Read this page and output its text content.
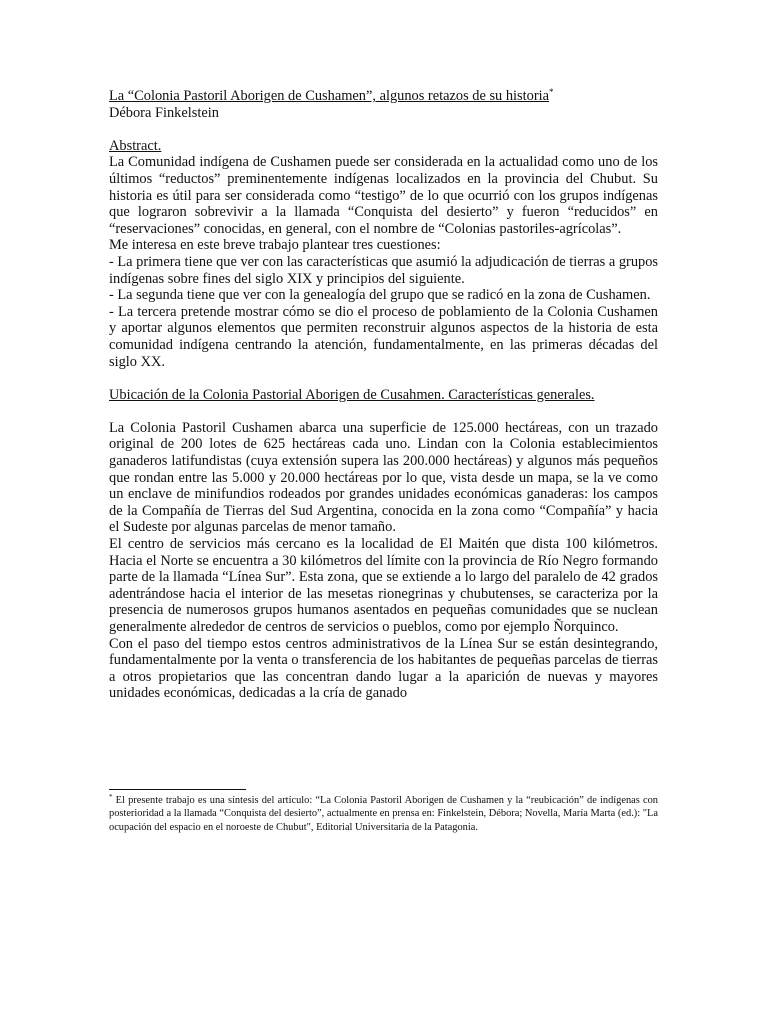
La “Colonia Pastoril Aborigen de Cushamen”, algunos retazos de su historia*

Débora Finkelstein

Abstract.

La Comunidad indígena de Cushamen puede ser considerada en la actualidad como uno de los últimos “reductos” preminentemente indígenas localizados en la provincia del Chubut. Su historia es útil para ser considerada como “testigo” de lo que ocurrió con los grupos indígenas que lograron sobrevivir a la llamada “Conquista del desierto” y fueron “reducidos” en “reservaciones” conocidas, en general, con el nombre de “Colonias pastoriles-agrícolas”.

Me interesa en este breve trabajo plantear tres cuestiones:

- La primera tiene que ver con las características que asumió la adjudicación de tierras a grupos indígenas sobre fines del siglo XIX y principios del siguiente.

- La segunda tiene que ver con la genealogía del grupo que se radicó en la zona de Cushamen.

- La tercera pretende mostrar cómo se dio el proceso de poblamiento de la Colonia Cushamen y aportar algunos elementos que permiten reconstruir algunos aspectos de la historia de esta comunidad indígena centrando la atención, fundamentalmente, en las primeras décadas del siglo XX.

Ubicación de la Colonia Pastorial Aborigen de Cusahmen. Características generales.

La Colonia Pastoril Cushamen abarca una superficie de 125.000 hectáreas, con un trazado original de 200 lotes de 625 hectáreas cada uno. Lindan con la Colonia establecimientos ganaderos latifundistas (cuya extensión supera las 200.000 hectáreas) y algunos más pequeños que rondan entre las 5.000 y 20.000 hectáreas por lo que, vista desde un mapa, se la ve como un enclave de minifundios rodeados por grandes unidades económicas ganaderas: los campos de la Compañía de Tierras del Sud Argentina, conocida en la zona como “Compañía” y hacia el Sudeste por algunas parcelas de menor tamaño.

El centro de servicios más cercano es la localidad de El Maitén que dista 100 kilómetros. Hacia el Norte se encuentra a 30 kilómetros del límite con la provincia de Río Negro formando parte de la llamada “Línea Sur”. Esta zona, que se extiende a lo largo del paralelo de 42 grados adentrándose hacia el interior de las mesetas rionegrinas y chubutenses, se caracteriza por la presencia de numerosos grupos humanos asentados en pequeñas comunidades que se nuclean generalmente alrededor de centros de servicios o pueblos, como por ejemplo Ñorquinco.

Con el paso del tiempo estos centros administrativos de la Línea Sur se están desintegrando, fundamentalmente por la venta o transferencia de los habitantes de pequeñas parcelas de tierras a otros propietarios que las concentran dando lugar a la aparición de nuevas y mayores unidades económicas, dedicadas a la cría de ganado

* El presente trabajo es una síntesis del artículo: “La Colonia Pastoril Aborigen de Cushamen y la “reubicación” de indígenas con posterioridad a la llamada “Conquista del desierto”, actualmente en prensa en: Finkelstein, Débora; Novella, María Marta (ed.): "La ocupación del espacio en el noroeste de Chubut", Editorial Universitaria de la Patagonia.
